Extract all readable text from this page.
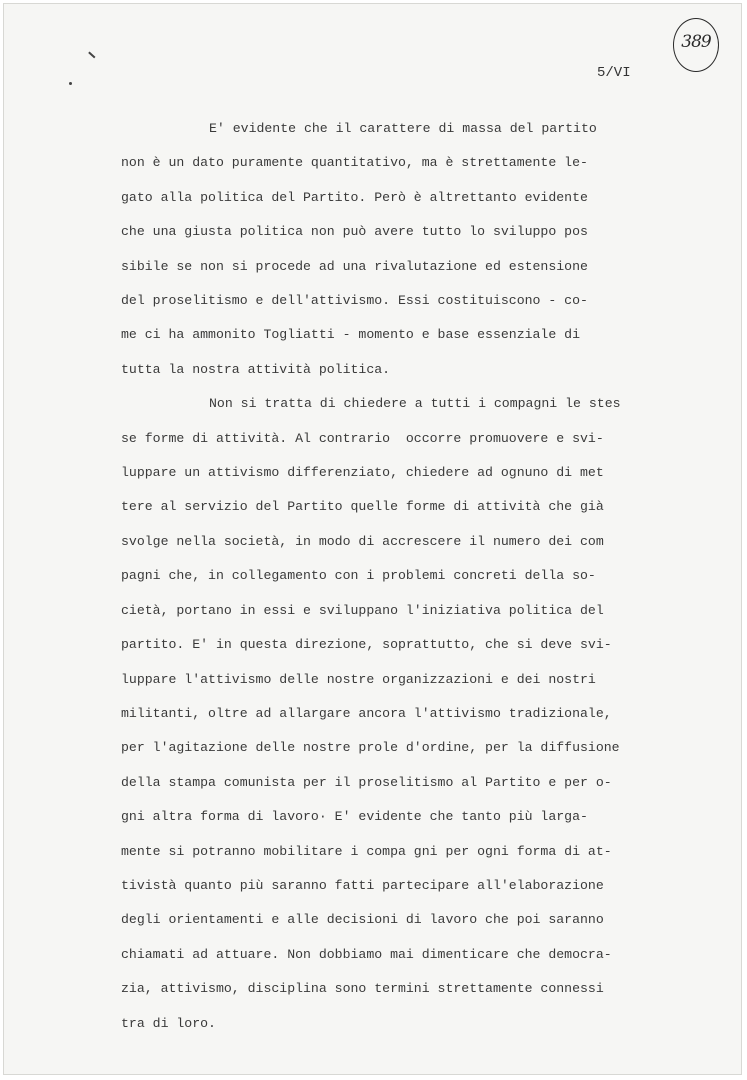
389
5/VI
E' evidente che il carattere di massa del partito
non è un dato puramente quantitativo, ma è strettamente le-
gato alla politica del Partito. Però è altrettanto evidente
che una giusta politica non può avere tutto lo sviluppo pos
sibile se non si procede ad una rivalutazione ed estensione
del proselitismo e dell'attivismo. Essi costituiscono - co-
me ci ha ammonito Togliatti - momento e base essenziale di
tutta la nostra attività politica.
Non si tratta di chiedere a tutti i compagni le stes
se forme di attività. Al contrario  occorre promuovere e svi-
luppare un attivismo differenziato, chiedere ad ognuno di met
tere al servizio del Partito quelle forme di attività che già
svolge nella società, in modo di accrescere il numero dei com
pagni che, in collegamento con i problemi concreti della so-
cietà, portano in essi e sviluppano l'iniziativa politica del
partito. E' in questa direzione, soprattutto, che si deve svi-
luppare l'attivismo delle nostre organizzazioni e dei nostri
militanti, oltre ad allargare ancora l'attivismo tradizionale,
per l'agitazione delle nostre prole d'ordine, per la diffusione
della stampa comunista per il proselitismo al Partito e per o-
gni altra forma di lavoro· E' evidente che tanto più larga-
mente si potranno mobilitare i compa gni per ogni forma di at-
tivistà quanto più saranno fatti partecipare all'elaborazione
degli orientamenti e alle decisioni di lavoro che poi saranno
chiamati ad attuare. Non dobbiamo mai dimenticare che democra-
zia, attivismo, disciplina sono termini strettamente connessi
tra di loro.
